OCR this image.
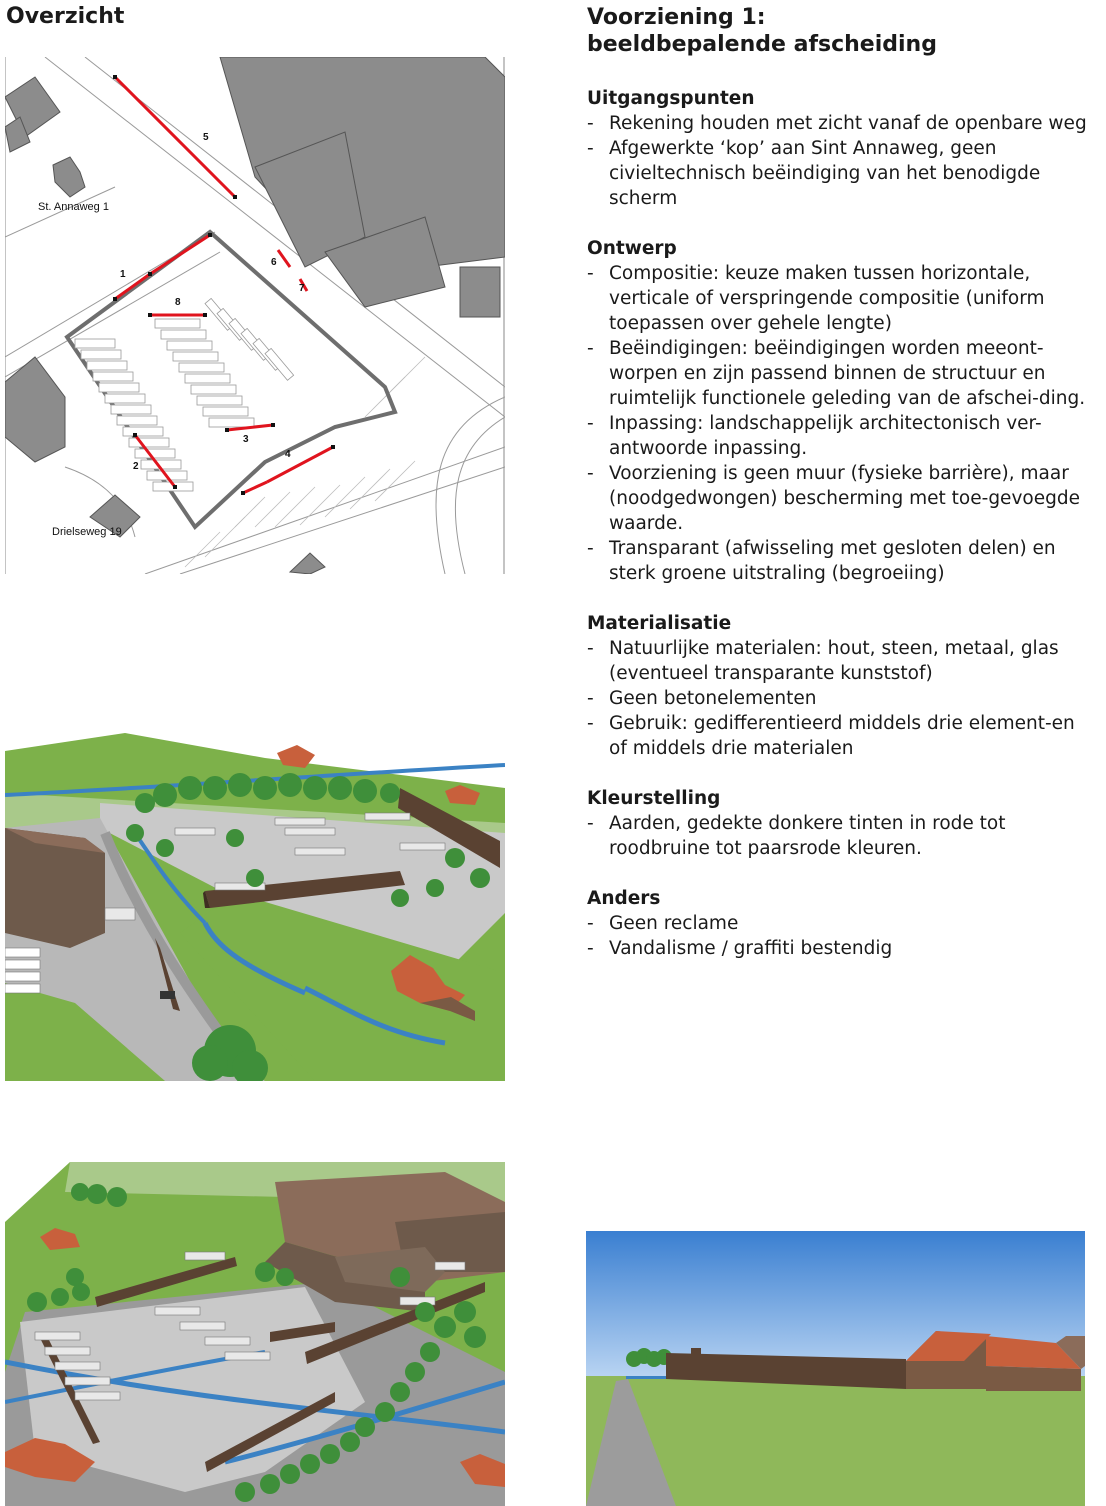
Overzicht	Voorziening 1:
beeldbepalende afscheiding
1
2
3
4
5
6
7
8
St. Annaweg 1
Drielseweg 19
Uitgangspunten
- Rekening houden met zicht vanaf de openbare weg
- Afgewerkte ‘kop’ aan Sint Annaweg, geen civieltechnisch beëindiging van het benodigde scherm
Ontwerp
- Compositie: keuze maken tussen horizontale, verticale of verspringende compositie (uniform toepassen over gehele lengte)
- Beëindigingen: beëindigingen worden meeont-worpen en zijn passend binnen de structuur en ruimtelijk functionele geleding van de afschei-ding.
- Inpassing: landschappelijk architectonisch ver-antwoorde inpassing.
- Voorziening is geen muur (fysieke barrière), maar (noodgedwongen) bescherming met toe-gevoegde waarde.
- Transparant (afwisseling met gesloten delen) en sterk groene uitstraling (begroeiing)
Materialisatie
- Natuurlijke materialen: hout, steen, metaal, glas (eventueel transparante kunststof)
- Geen betonelementen
- Gebruik: gedifferentieerd middels drie element-en of middels drie materialen
Kleurstelling
- Aarden, gedekte donkere tinten in rode tot roodbruine tot paarsrode kleuren.
Anders
- Geen reclame
- Vandalisme / graffiti bestendig
